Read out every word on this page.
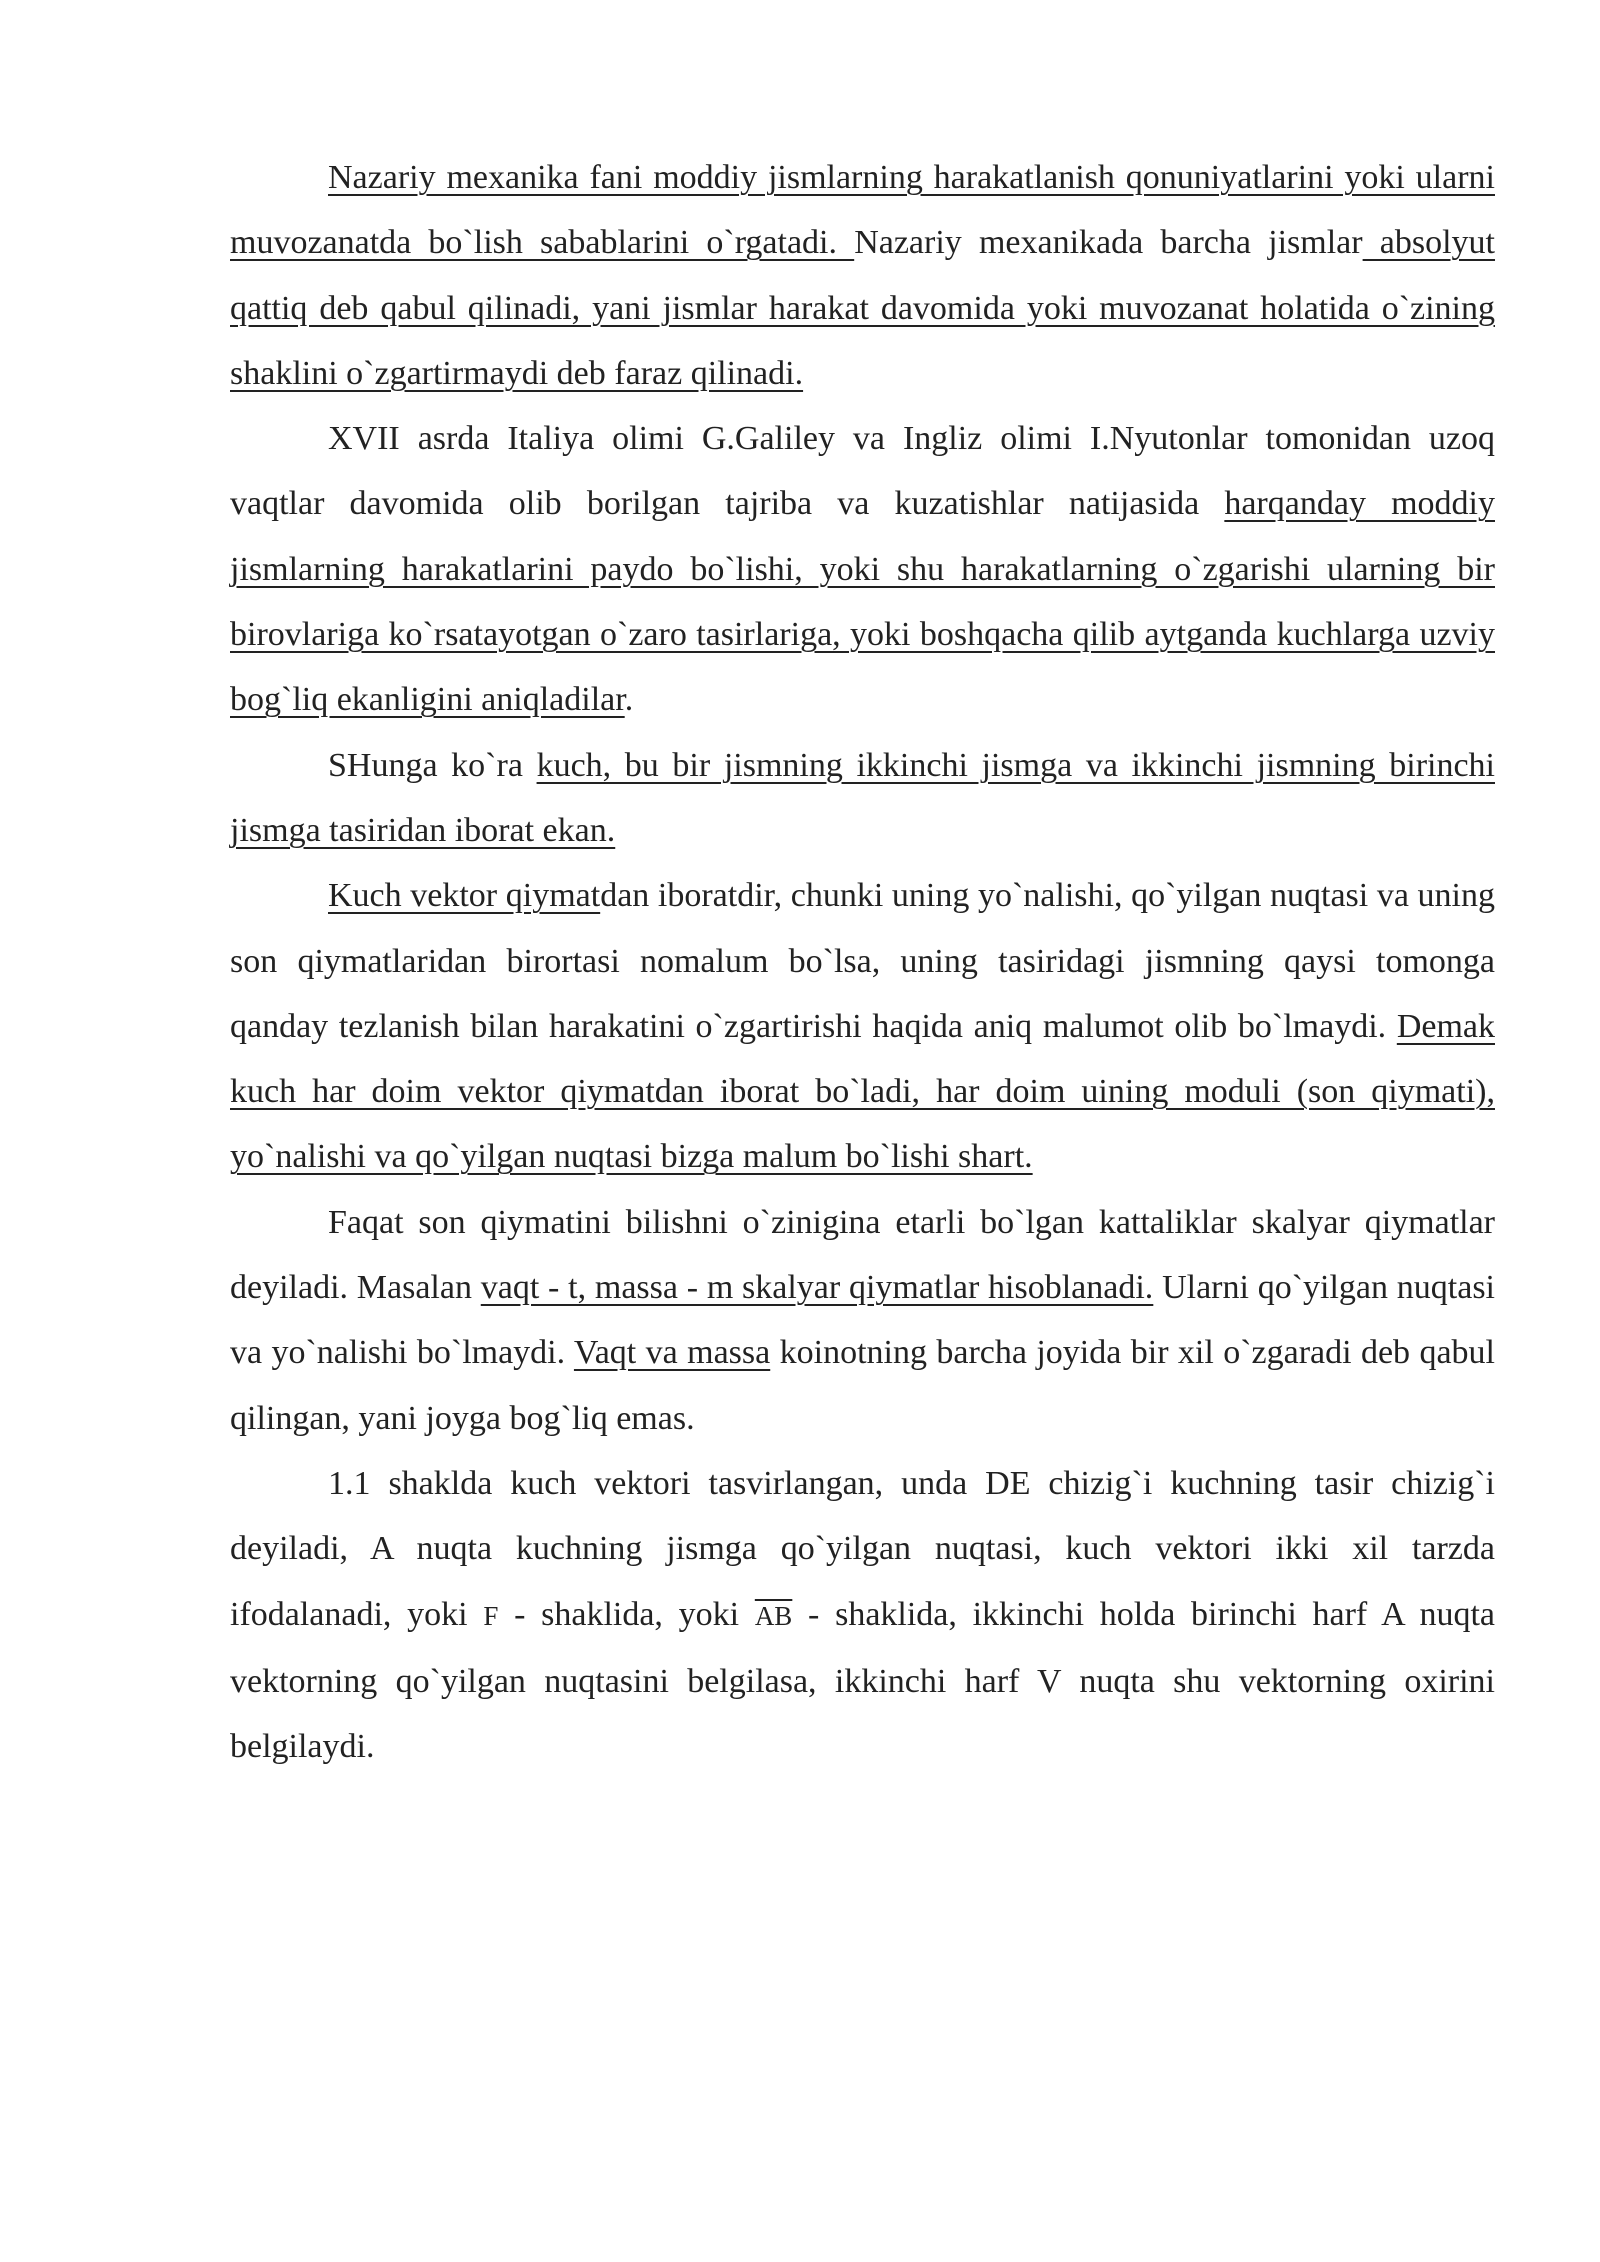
Nazariy mexanika fani moddiy jismlarning harakatlanish qonuniyatlarini yoki ularni muvozanatda bo`lish sabablarini o`rgatadi. Nazariy mexanikada barcha jismlar absolyut qattiq deb qabul qilinadi, yani jismlar harakat davomida yoki muvozanat holatida o`zining shaklini o`zgartirmaydi deb faraz qilinadi.

XVII asrda Italiya olimi G.Galiley va Ingliz olimi I.Nyutonlar tomonidan uzoq vaqtlar davomida olib borilgan tajriba va kuzatishlar natijasida harqanday moddiy jismlarning harakatlarini paydo bo`lishi, yoki shu harakatlarning o`zgarishi ularning bir birovlariga ko`rsatayotgan o`zaro tasirlariga, yoki boshqacha qilib aytganda kuchlarga uzviy bog`liq ekanligini aniqladilar.

SHunga ko`ra kuch, bu bir jismning ikkinchi jismga va ikkinchi jismning birinchi jismga tasiridan iborat ekan.

Kuch vektor qiymatdan iboratdir, chunki uning yo`nalishi, qo`yilgan nuqtasi va uning son qiymatlaridan birortasi nomalum bo`lsa, uning tasiridagi jismning qaysi tomonga qanday tezlanish bilan harakatini o`zgartirishi haqida aniq malumot olib bo`lmaydi. Demak kuch har doim vektor qiymatdan iborat bo`ladi, har doim uining moduli (son qiymati), yo`nalishi va qo`yilgan nuqtasi bizga malum bo`lishi shart.

Faqat son qiymatini bilishni o`zinigina etarli bo`lgan kattaliklar skalyar qiymatlar deyiladi. Masalan vaqt - t, massa - m skalyar qiymatlar hisoblanadi. Ularni qo`yilgan nuqtasi va yo`nalishi bo`lmaydi. Vaqt va massa koinotning barcha joyida bir xil o`zgaradi deb qabul qilingan, yani joyga bog`liq emas.

1.1 shaklda kuch vektori tasvirlangan, unda DE chizig`i kuchning tasir chizig`i deyiladi, A nuqta kuchning jismga qo`yilgan nuqtasi, kuch vektori ikki xil tarzda ifodalanadi, yoki F - shaklida, yoki $\overline{AB}$ - shaklida, ikkinchi holda birinchi harf A nuqta vektorning qo`yilgan nuqtasini belgilasa, ikkinchi harf V nuqta shu vektorning oxirini belgilaydi.
